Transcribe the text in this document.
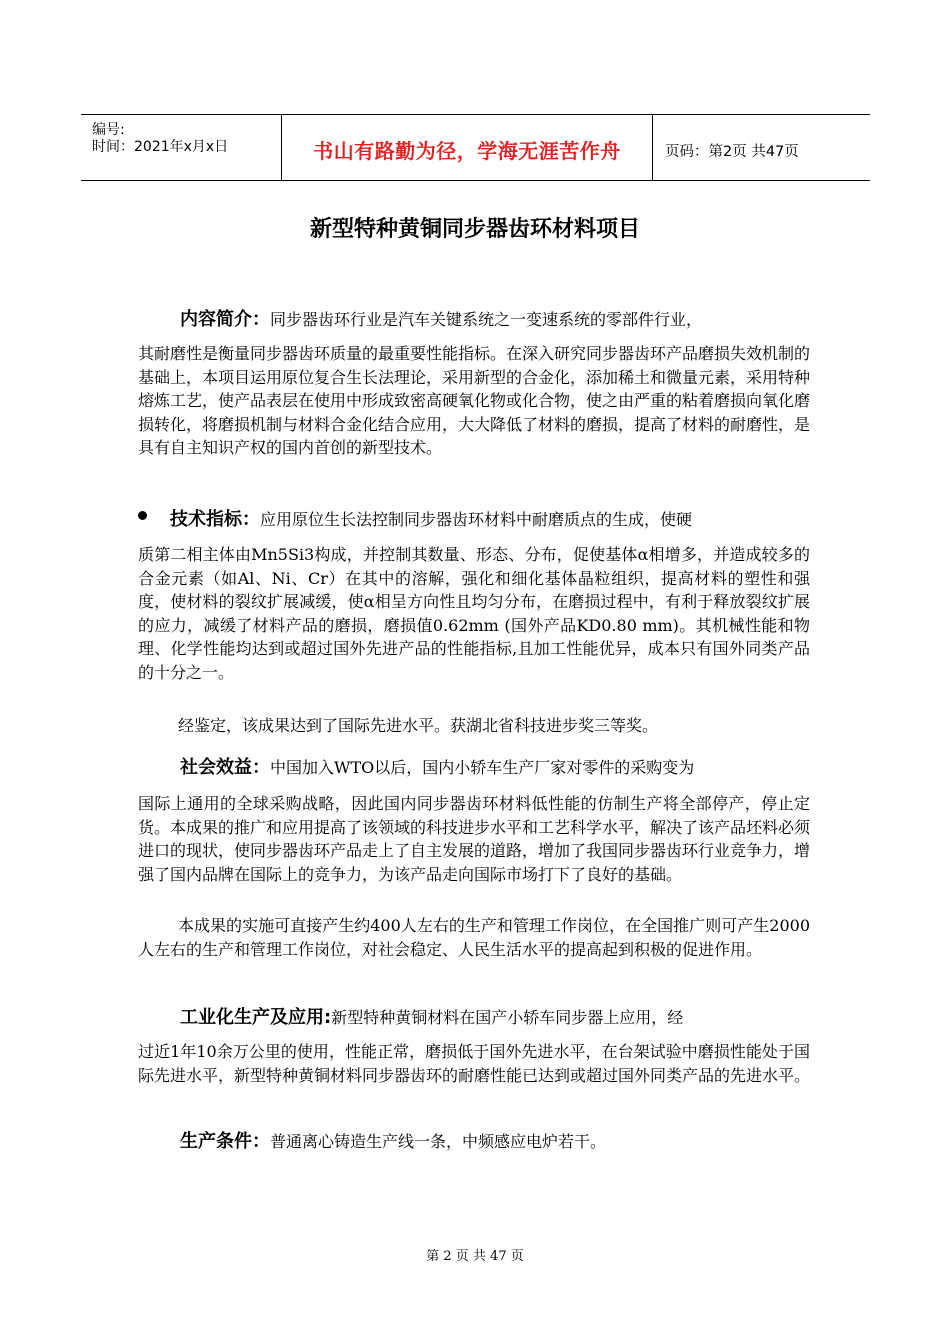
编号:
时间：2021年x月x日	书山有路勤为径，学海无涯苦作舟	页码：第2页 共47页
新型特种黄铜同步器齿环材料项目
内容简介：同步器齿环行业是汽车关键系统之一变速系统的零部件行业，
其耐磨性是衡量同步器齿环质量的最重要性能指标。在深入研究同步器齿环产品磨损失效机制的基础上，本项目运用原位复合生长法理论，采用新型的合金化，添加稀土和微量元素，采用特种熔炼工艺，使产品表层在使用中形成致密高硬氧化物或化合物，使之由严重的粘着磨损向氧化磨损转化，将磨损机制与材料合金化结合应用，大大降低了材料的磨损，提高了材料的耐磨性，是具有自主知识产权的国内首创的新型技术。
技术指标：应用原位生长法控制同步器齿环材料中耐磨质点的生成，使硬
质第二相主体由Mn5Si3构成，并控制其数量、形态、分布，促使基体α相增多，并造成较多的合金元素（如Al、Ni、Cr）在其中的溶解，强化和细化基体晶粒组织，提高材料的塑性和强度，使材料的裂纹扩展减缓，使α相呈方向性且均匀分布，在磨损过程中，有利于释放裂纹扩展的应力，减缓了材料产品的磨损，磨损值0.62mm (国外产品KD0.80 mm)。其机械性能和物理、化学性能均达到或超过国外先进产品的性能指标,且加工性能优异，成本只有国外同类产品的十分之一。
经鉴定，该成果达到了国际先进水平。获湖北省科技进步奖三等奖。
社会效益：中国加入WTO以后，国内小轿车生产厂家对零件的采购变为
国际上通用的全球采购战略，因此国内同步器齿环材料低性能的仿制生产将全部停产，停止定货。本成果的推广和应用提高了该领域的科技进步水平和工艺科学水平，解决了该产品坯料必须进口的现状，使同步器齿环产品走上了自主发展的道路，增加了我国同步器齿环行业竞争力，增强了国内品牌在国际上的竞争力，为该产品走向国际市场打下了良好的基础。
本成果的实施可直接产生约400人左右的生产和管理工作岗位，在全国推广则可产生2000人左右的生产和管理工作岗位，对社会稳定、人民生活水平的提高起到积极的促进作用。
工业化生产及应用:新型特种黄铜材料在国产小轿车同步器上应用，经
过近1年10余万公里的使用，性能正常，磨损低于国外先进水平，在台架试验中磨损性能处于国际先进水平，新型特种黄铜材料同步器齿环的耐磨性能已达到或超过国外同类产品的先进水平。
生产条件：普通离心铸造生产线一条，中频感应电炉若干。
第 2 页 共 47 页
